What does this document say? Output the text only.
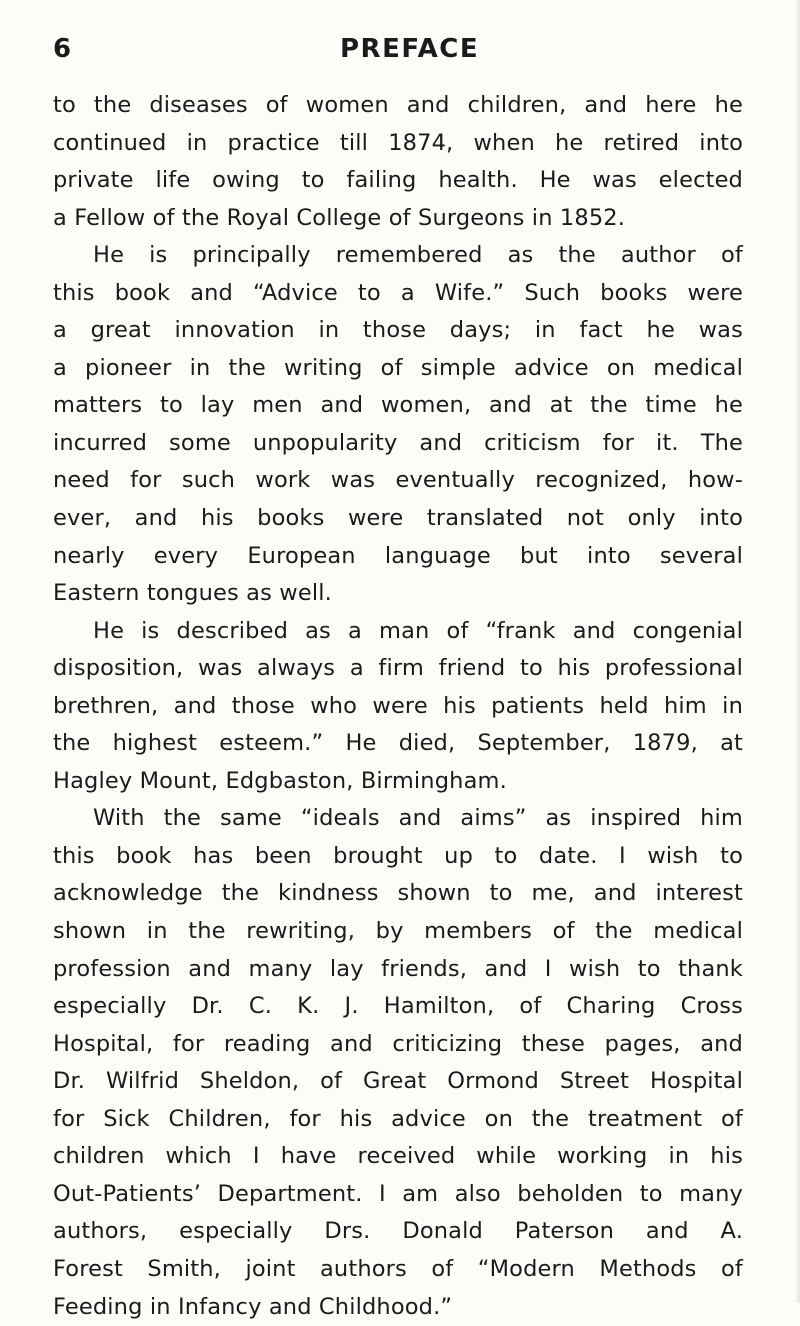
6	PREFACE
to the diseases of women and children, and here he
continued in practice till 1874, when he retired into
private life owing to failing health. He was elected
a Fellow of the Royal College of Surgeons in 1852.
He is principally remembered as the author of
this book and “Advice to a Wife.” Such books were
a great innovation in those days; in fact he was
a pioneer in the writing of simple advice on medical
matters to lay men and women, and at the time he
incurred some unpopularity and criticism for it. The
need for such work was eventually recognized, how-
ever, and his books were translated not only into
nearly every European language but into several
Eastern tongues as well.
He is described as a man of “frank and congenial
disposition, was always a firm friend to his professional
brethren, and those who were his patients held him in
the highest esteem.” He died, September, 1879, at
Hagley Mount, Edgbaston, Birmingham.
With the same “ideals and aims” as inspired him
this book has been brought up to date. I wish to
acknowledge the kindness shown to me, and interest
shown in the rewriting, by members of the medical
profession and many lay friends, and I wish to thank
especially Dr. C. K. J. Hamilton, of Charing Cross
Hospital, for reading and criticizing these pages, and
Dr. Wilfrid Sheldon, of Great Ormond Street Hospital
for Sick Children, for his advice on the treatment of
children which I have received while working in his
Out-Patients’ Department. I am also beholden to many
authors, especially Drs. Donald Paterson and A.
Forest Smith, joint authors of “Modern Methods of
Feeding in Infancy and Childhood.”
